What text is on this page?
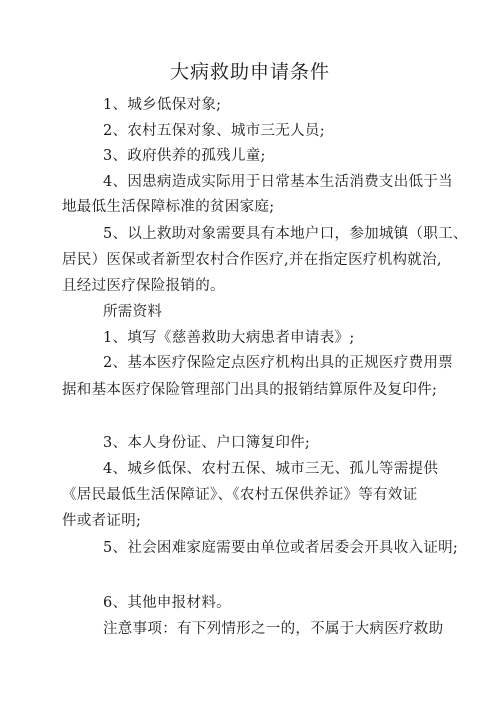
大病救助申请条件
1、城乡低保对象;
2、农村五保对象、城市三无人员;
3、政府供养的孤残儿童;
4、因患病造成实际用于日常基本生活消费支出低于当
地最低生活保障标准的贫困家庭;
5、以上救助对象需要具有本地户口，参加城镇（职工、
居民）医保或者新型农村合作医疗,并在指定医疗机构就治,
且经过医疗保险报销的。
所需资料
1、填写《慈善救助大病患者申请表》;
2、基本医疗保险定点医疗机构出具的正规医疗费用票
据和基本医疗保险管理部门出具的报销结算原件及复印件;
3、本人身份证、户口簿复印件;
4、城乡低保、农村五保、城市三无、孤儿等需提供
《居民最低生活保障证》、《农村五保供养证》等有效证
件或者证明;
5、社会困难家庭需要由单位或者居委会开具收入证明;
6、其他申报材料。
注意事项：有下列情形之一的，不属于大病医疗救助
